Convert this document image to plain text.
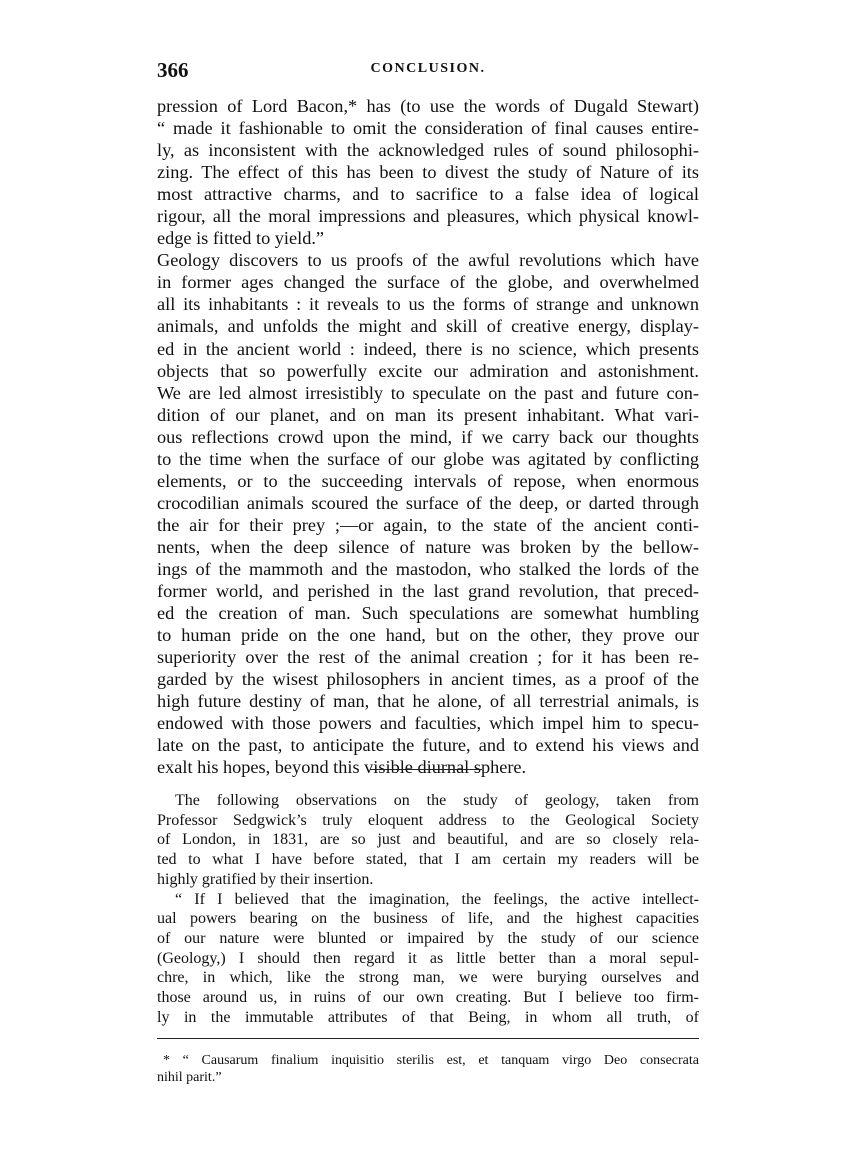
366	CONCLUSION.
pression of Lord Bacon,* has (to use the words of Dugald Stewart)
“ made it fashionable to omit the consideration of final causes entire-
ly, as inconsistent with the acknowledged rules of sound philosophi-
zing. The effect of this has been to divest the study of Nature of its
most attractive charms, and to sacrifice to a false idea of logical
rigour, all the moral impressions and pleasures, which physical knowl-
edge is fitted to yield.”
Geology discovers to us proofs of the awful revolutions which have
in former ages changed the surface of the globe, and overwhelmed
all its inhabitants : it reveals to us the forms of strange and unknown
animals, and unfolds the might and skill of creative energy, display-
ed in the ancient world : indeed, there is no science, which presents
objects that so powerfully excite our admiration and astonishment.
We are led almost irresistibly to speculate on the past and future con-
dition of our planet, and on man its present inhabitant. What vari-
ous reflections crowd upon the mind, if we carry back our thoughts
to the time when the surface of our globe was agitated by conflicting
elements, or to the succeeding intervals of repose, when enormous
crocodilian animals scoured the surface of the deep, or darted through
the air for their prey ;—or again, to the state of the ancient conti-
nents, when the deep silence of nature was broken by the bellow-
ings of the mammoth and the mastodon, who stalked the lords of the
former world, and perished in the last grand revolution, that preced-
ed the creation of man. Such speculations are somewhat humbling
to human pride on the one hand, but on the other, they prove our
superiority over the rest of the animal creation ; for it has been re-
garded by the wisest philosophers in ancient times, as a proof of the
high future destiny of man, that he alone, of all terrestrial animals, is
endowed with those powers and faculties, which impel him to specu-
late on the past, to anticipate the future, and to extend his views and
exalt his hopes, beyond this visible diurnal sphere.
The following observations on the study of geology, taken from
Professor Sedgwick’s truly eloquent address to the Geological Society
of London, in 1831, are so just and beautiful, and are so closely rela-
ted to what I have before stated, that I am certain my readers will be
highly gratified by their insertion.
“ If I believed that the imagination, the feelings, the active intellect-
ual powers bearing on the business of life, and the highest capacities
of our nature were blunted or impaired by the study of our science
(Geology,) I should then regard it as little better than a moral sepul-
chre, in which, like the strong man, we were burying ourselves and
those around us, in ruins of our own creating. But I believe too firm-
ly in the immutable attributes of that Being, in whom all truth, of
* “ Causarum finalium inquisitio sterilis est, et tanquam virgo Deo consecrata
nihil parit.”
